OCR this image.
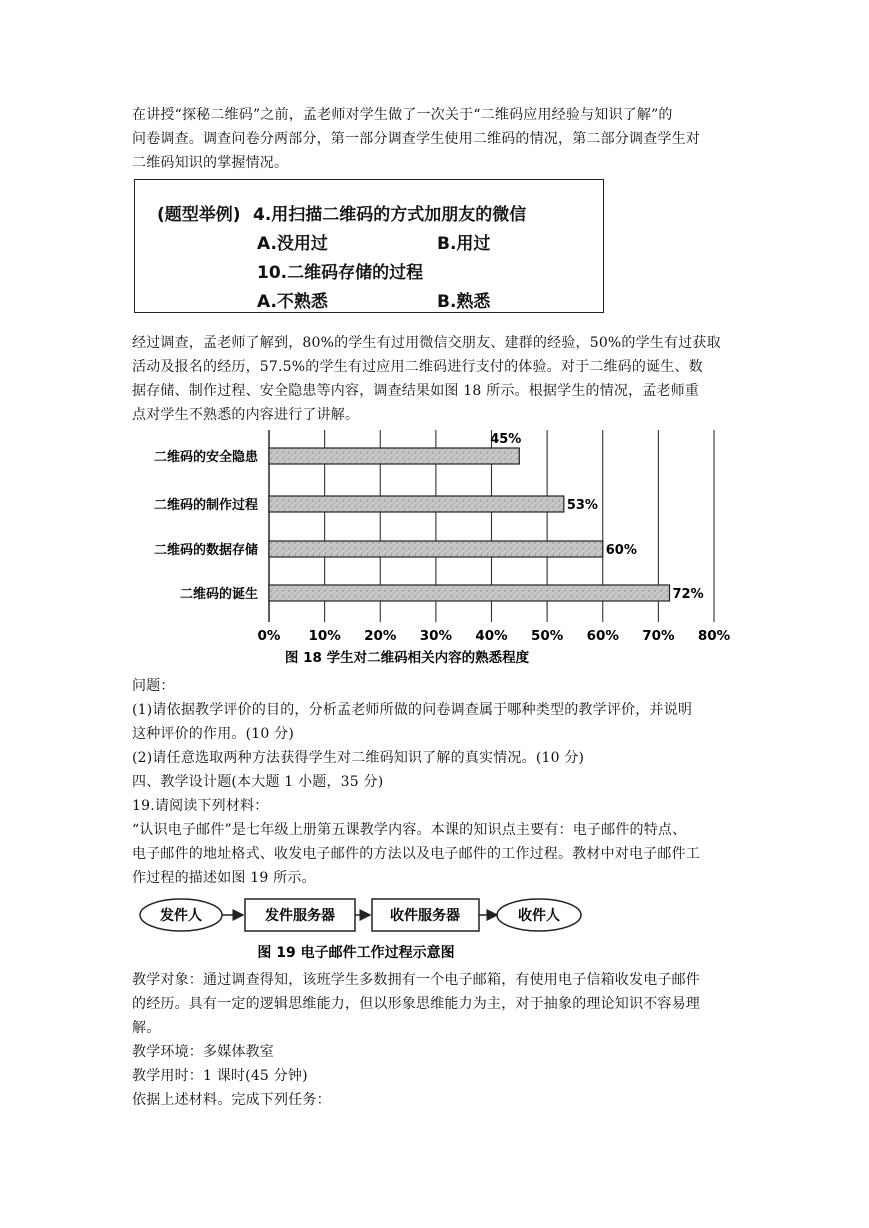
在讲授“探秘二维码”之前，孟老师对学生做了一次关于“二维码应用经验与知识了解”的
问卷调查。调查问卷分两部分，第一部分调查学生使用二维码的情况，第二部分调查学生对
二维码知识的掌握情况。
(题型举例) 4.用扫描二维码的方式加朋友的微信
A.没用过	B.用过
10.二维码存储的过程
A.不熟悉	B.熟悉
经过调查，孟老师了解到，80%的学生有过用微信交朋友、建群的经验，50%的学生有过获取
活动及报名的经历，57.5%的学生有过应用二维码进行支付的体验。对于二维码的诞生、数
据存储、制作过程、安全隐患等内容，调查结果如图 18 所示。根据学生的情况，孟老师重
点对学生不熟悉的内容进行了讲解。
0% 10% 20% 30% 40% 50% 60% 70% 80%
二维码的安全隐患
45%
二维码的制作过程	53%
二维码的数据存储	60%
二维码的诞生	72%
图 18 学生对二维码相关内容的熟悉程度
问题：
(1)请依据教学评价的目的，分析孟老师所做的问卷调查属于哪种类型的教学评价，并说明
这种评价的作用。(10 分)
(2)请任意选取两种方法获得学生对二维码知识了解的真实情况。(10 分)
四、教学设计题(本大题 1 小题，35 分)
19.请阅读下列材料：
“认识电子邮件”是七年级上册第五课教学内容。本课的知识点主要有：电子邮件的特点、
电子邮件的地址格式、收发电子邮件的方法以及电子邮件的工作过程。教材中对电子邮件工
作过程的描述如图 19 所示。
发件人	发件服务器	收件服务器	收件人
图 19 电子邮件工作过程示意图
教学对象：通过调查得知，该班学生多数拥有一个电子邮箱，有使用电子信箱收发电子邮件
的经历。具有一定的逻辑思维能力，但以形象思维能力为主，对于抽象的理论知识不容易理
解。
教学环境：多媒体教室
教学用时：1 课时(45 分钟)
依据上述材料。完成下列任务：
